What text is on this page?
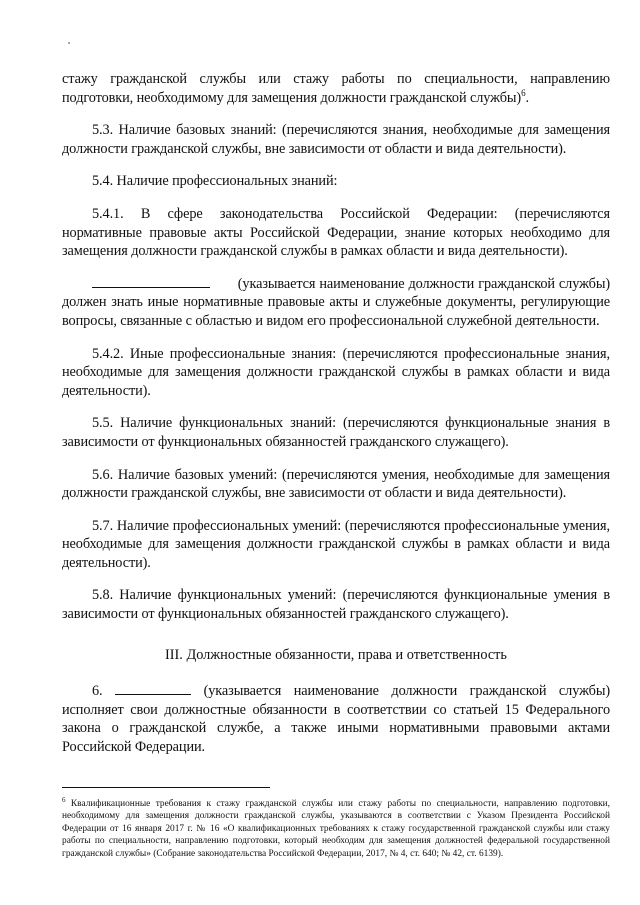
стажу гражданской службы или стажу работы по специальности, направлению подготовки, необходимому для замещения должности гражданской службы)$^6$.

5.3. Наличие базовых знаний: (перечисляются знания, необходимые для замещения должности гражданской службы, вне зависимости от области и вида деятельности).

5.4. Наличие профессиональных знаний:

5.4.1. В сфере законодательства Российской Федерации: (перечисляются нормативные правовые акты Российской Федерации, знание которых необходимо для замещения должности гражданской службы в рамках области и вида деятельности).

(указывается наименование должности гражданской службы) должен знать иные нормативные правовые акты и служебные документы, регулирующие вопросы, связанные с областью и видом его профессиональной служебной деятельности.

5.4.2. Иные профессиональные знания: (перечисляются профессиональные знания, необходимые для замещения должности гражданской службы в рамках области и вида деятельности).

5.5. Наличие функциональных знаний: (перечисляются функциональные знания в зависимости от функциональных обязанностей гражданского служащего).

5.6. Наличие базовых умений: (перечисляются умения, необходимые для замещения должности гражданской службы, вне зависимости от области и вида деятельности).

5.7. Наличие профессиональных умений: (перечисляются профессиональные умения, необходимые для замещения должности гражданской службы в рамках области и вида деятельности).

5.8. Наличие функциональных умений: (перечисляются функциональные умения в зависимости от функциональных обязанностей гражданского служащего).

III. Должностные обязанности, права и ответственность

6.	(указывается наименование должности гражданской службы) исполняет свои должностные обязанности в соответствии со статьей 15 Федерального закона о гражданской службе, а также иными нормативными правовыми актами Российской Федерации.

$^6$ Квалификационные требования к стажу гражданской службы или стажу работы по специальности, направлению подготовки, необходимому для замещения должности гражданской службы, указываются в соответствии с Указом Президента Российской Федерации от 16 января 2017 г. № 16 «О квалификационных требованиях к стажу государственной гражданской службы или стажу работы по специальности, направлению подготовки, который необходим для замещения должностей федеральной государственной гражданской службы» (Собрание законодательства Российской Федерации, 2017, № 4, ст. 640; № 42, ст. 6139).
